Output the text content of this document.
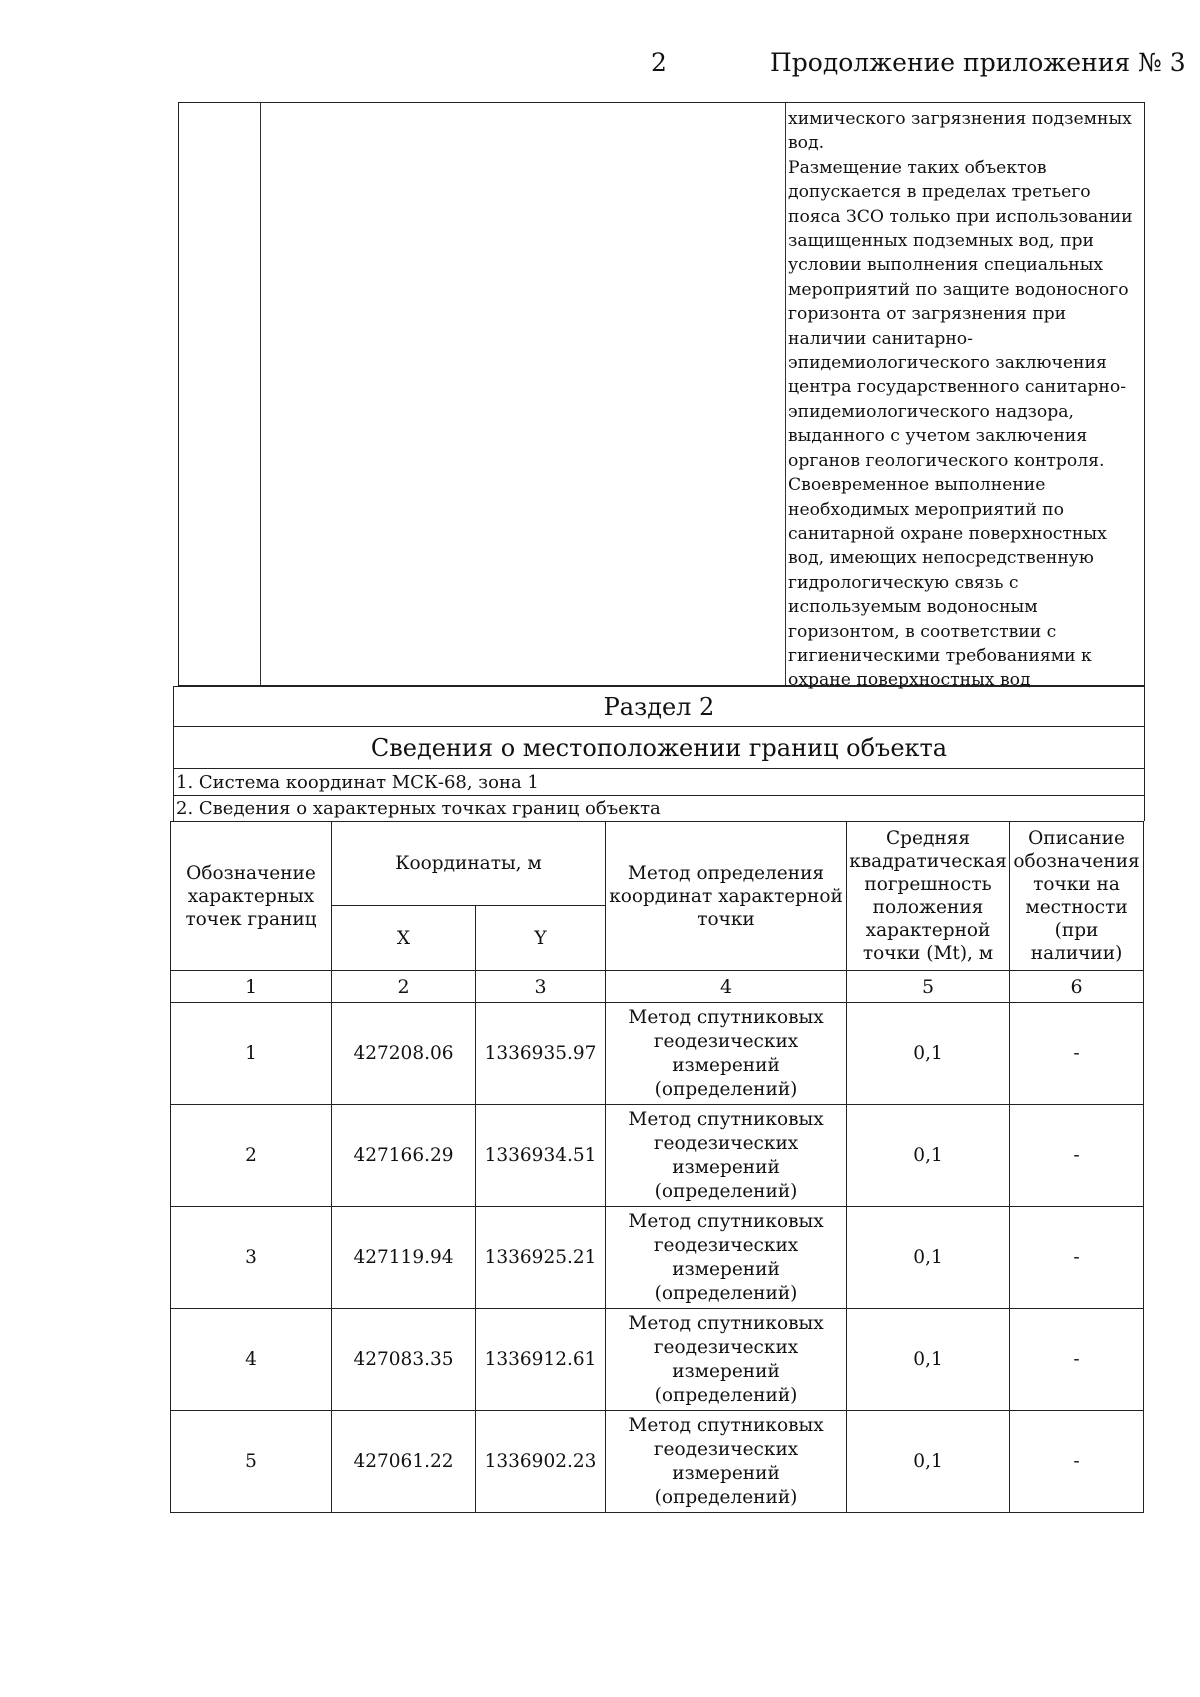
2	Продолжение приложения № 3

химического загрязнения подземных вод.

Размещение таких объектов допускается в пределах третьего пояса ЗСО только при использовании защищенных подземных вод, при условии выполнения специальных мероприятий по защите водоносного горизонта от загрязнения при наличии санитарно-эпидемиологического заключения центра государственного санитарно-эпидемиологического надзора, выданного с учетом заключения органов геологического контроля.

Своевременное выполнение необходимых мероприятий по санитарной охране поверхностных вод, имеющих непосредственную гидрологическую связь с используемым водоносным горизонтом, в соответствии с гигиеническими требованиями к охране поверхностных вод

Раздел 2
Сведения о местоположении границ объекта
1. Система координат МСК-68, зона 1
2. Сведения о характерных точках границ объекта
Обозначение характерных точек границ	Координаты, м		Метод определения координат характерной точки	Средняя квадратическая погрешность положения характерной точки (Mt), м	Описание обозначения точки на местности (при наличии)
	X	Y			
1	2	3	4	5	6
1	427208.06	1336935.97	Метод спутниковых геодезических измерений (определений)	0,1	-
2	427166.29	1336934.51	Метод спутниковых геодезических измерений (определений)	0,1	-
3	427119.94	1336925.21	Метод спутниковых геодезических измерений (определений)	0,1	-
4	427083.35	1336912.61	Метод спутниковых геодезических измерений (определений)	0,1	-
5	427061.22	1336902.23	Метод спутниковых геодезических измерений (определений)	0,1	-
